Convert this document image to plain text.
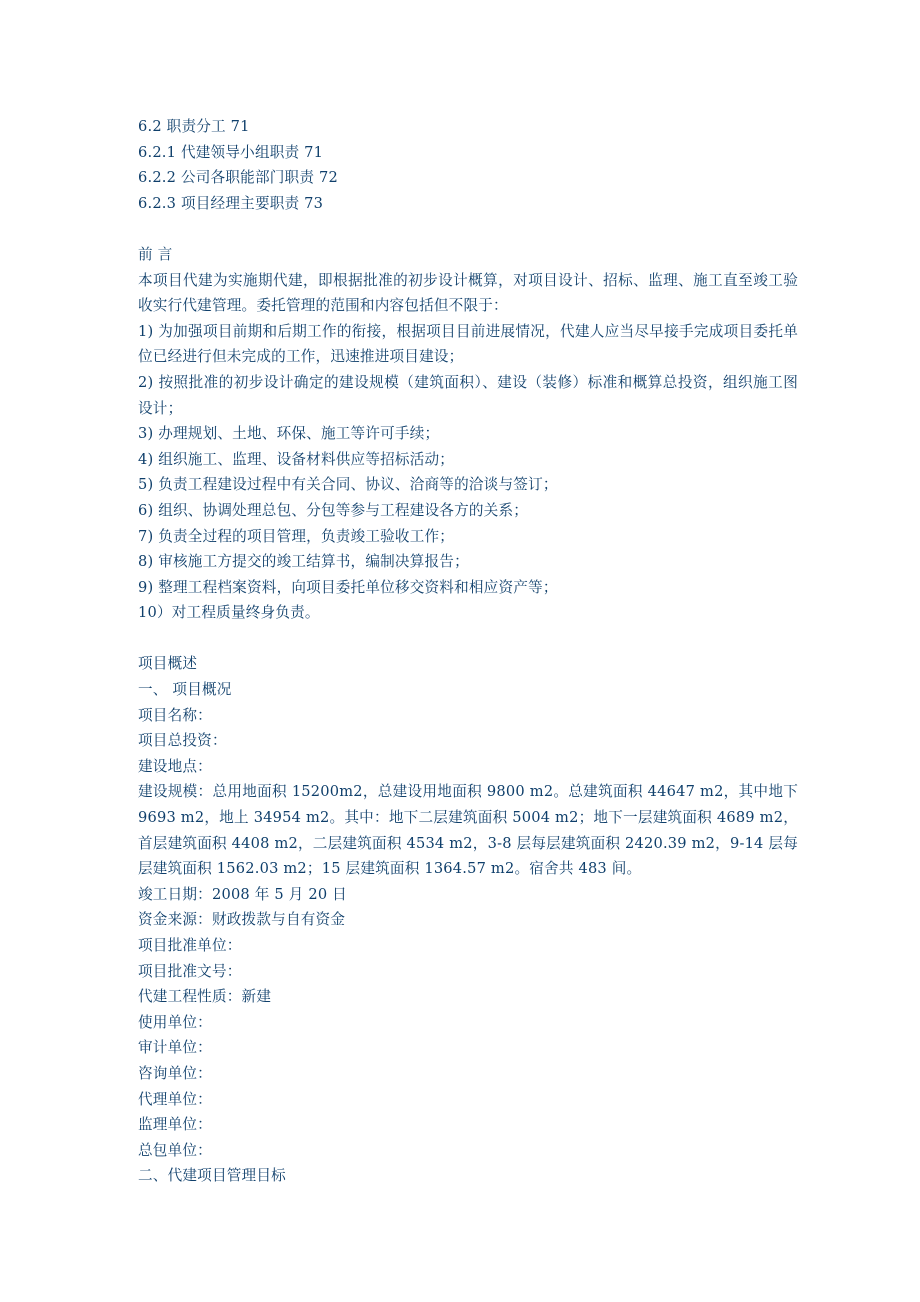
6.2 职责分工 71
6.2.1 代建领导小组职责 71
6.2.2 公司各职能部门职责 72
6.2.3 项目经理主要职责 73
前 言
本项目代建为实施期代建，即根据批准的初步设计概算，对项目设计、招标、监理、施工直至竣工验收实行代建管理。委托管理的范围和内容包括但不限于：
1) 为加强项目前期和后期工作的衔接，根据项目目前进展情况，代建人应当尽早接手完成项目委托单位已经进行但未完成的工作，迅速推进项目建设；
2) 按照批准的初步设计确定的建设规模（建筑面积）、建设（装修）标准和概算总投资，组织施工图设计；
3) 办理规划、土地、环保、施工等许可手续；
4) 组织施工、监理、设备材料供应等招标活动；
5) 负责工程建设过程中有关合同、协议、洽商等的洽谈与签订；
6) 组织、协调处理总包、分包等参与工程建设各方的关系；
7) 负责全过程的项目管理，负责竣工验收工作；
8) 审核施工方提交的竣工结算书，编制决算报告；
9) 整理工程档案资料，向项目委托单位移交资料和相应资产等；
10）对工程质量终身负责。
项目概述
一、 项目概况
项目名称：
项目总投资：
建设地点：
建设规模：总用地面积 15200m2，总建设用地面积 9800 m2。总建筑面积 44647 m2，其中地下 9693 m2，地上 34954 m2。其中：地下二层建筑面积 5004 m2；地下一层建筑面积 4689 m2，首层建筑面积 4408 m2，二层建筑面积 4534 m2，3-8 层每层建筑面积 2420.39 m2，9-14 层每层建筑面积 1562.03 m2；15 层建筑面积 1364.57 m2。宿舍共 483 间。
竣工日期：2008 年 5 月 20 日
资金来源：财政拨款与自有资金
项目批准单位：
项目批准文号：
代建工程性质：新建
使用单位：
审计单位：
咨询单位：
代理单位：
监理单位：
总包单位：
二、代建项目管理目标
